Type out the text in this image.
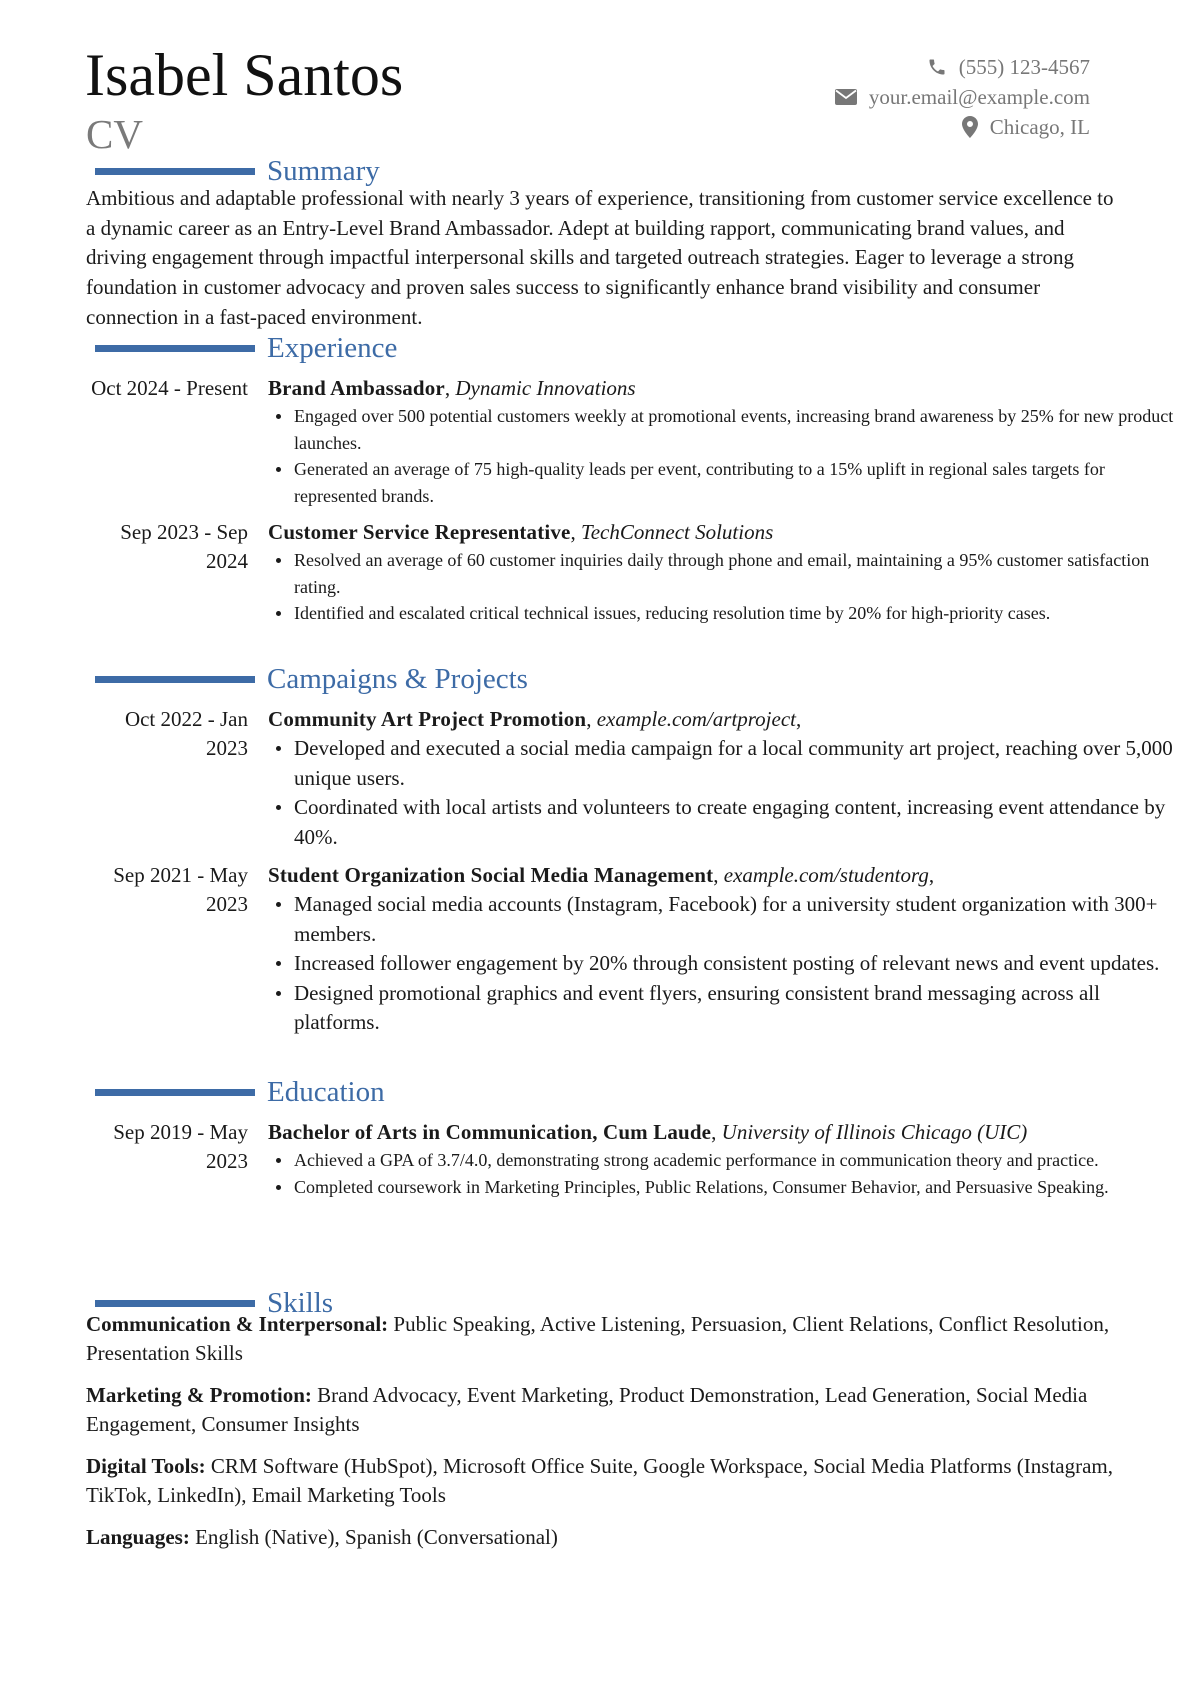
Isabel Santos
CV
(555) 123-4567
your.email@example.com
Chicago, IL
Summary
Ambitious and adaptable professional with nearly 3 years of experience, transitioning from customer service excellence to a dynamic career as an Entry-Level Brand Ambassador. Adept at building rapport, communicating brand values, and driving engagement through impactful interpersonal skills and targeted outreach strategies. Eager to leverage a strong foundation in customer advocacy and proven sales success to significantly enhance brand visibility and consumer connection in a fast-paced environment.
Experience
Oct 2024 - Present Brand Ambassador, Dynamic Innovations
Engaged over 500 potential customers weekly at promotional events, increasing brand awareness by 25% for new product launches.
Generated an average of 75 high-quality leads per event, contributing to a 15% uplift in regional sales targets for represented brands.
Sep 2023 - Sep 2024
Customer Service Representative, TechConnect Solutions
Resolved an average of 60 customer inquiries daily through phone and email, maintaining a 95% customer satisfaction rating.
Identified and escalated critical technical issues, reducing resolution time by 20% for high-priority cases.
Campaigns & Projects
Oct 2022 - Jan 2023
Community Art Project Promotion, example.com/artproject,
Developed and executed a social media campaign for a local community art project, reaching over 5,000 unique users.
Coordinated with local artists and volunteers to create engaging content, increasing event attendance by 40%.
Sep 2021 - May 2023
Student Organization Social Media Management, example.com/studentorg,
Managed social media accounts (Instagram, Facebook) for a university student organization with 300+ members.
Increased follower engagement by 20% through consistent posting of relevant news and event updates.
Designed promotional graphics and event flyers, ensuring consistent brand messaging across all platforms.
Education
Sep 2019 - May 2023
Bachelor of Arts in Communication, Cum Laude, University of Illinois Chicago (UIC)
Achieved a GPA of 3.7/4.0, demonstrating strong academic performance in communication theory and practice.
Completed coursework in Marketing Principles, Public Relations, Consumer Behavior, and Persuasive Speaking.
Skills
Communication & Interpersonal: Public Speaking, Active Listening, Persuasion, Client Relations, Conflict Resolution, Presentation Skills
Marketing & Promotion: Brand Advocacy, Event Marketing, Product Demonstration, Lead Generation, Social Media Engagement, Consumer Insights
Digital Tools: CRM Software (HubSpot), Microsoft Office Suite, Google Workspace, Social Media Platforms (Instagram, TikTok, LinkedIn), Email Marketing Tools
Languages: English (Native), Spanish (Conversational)
